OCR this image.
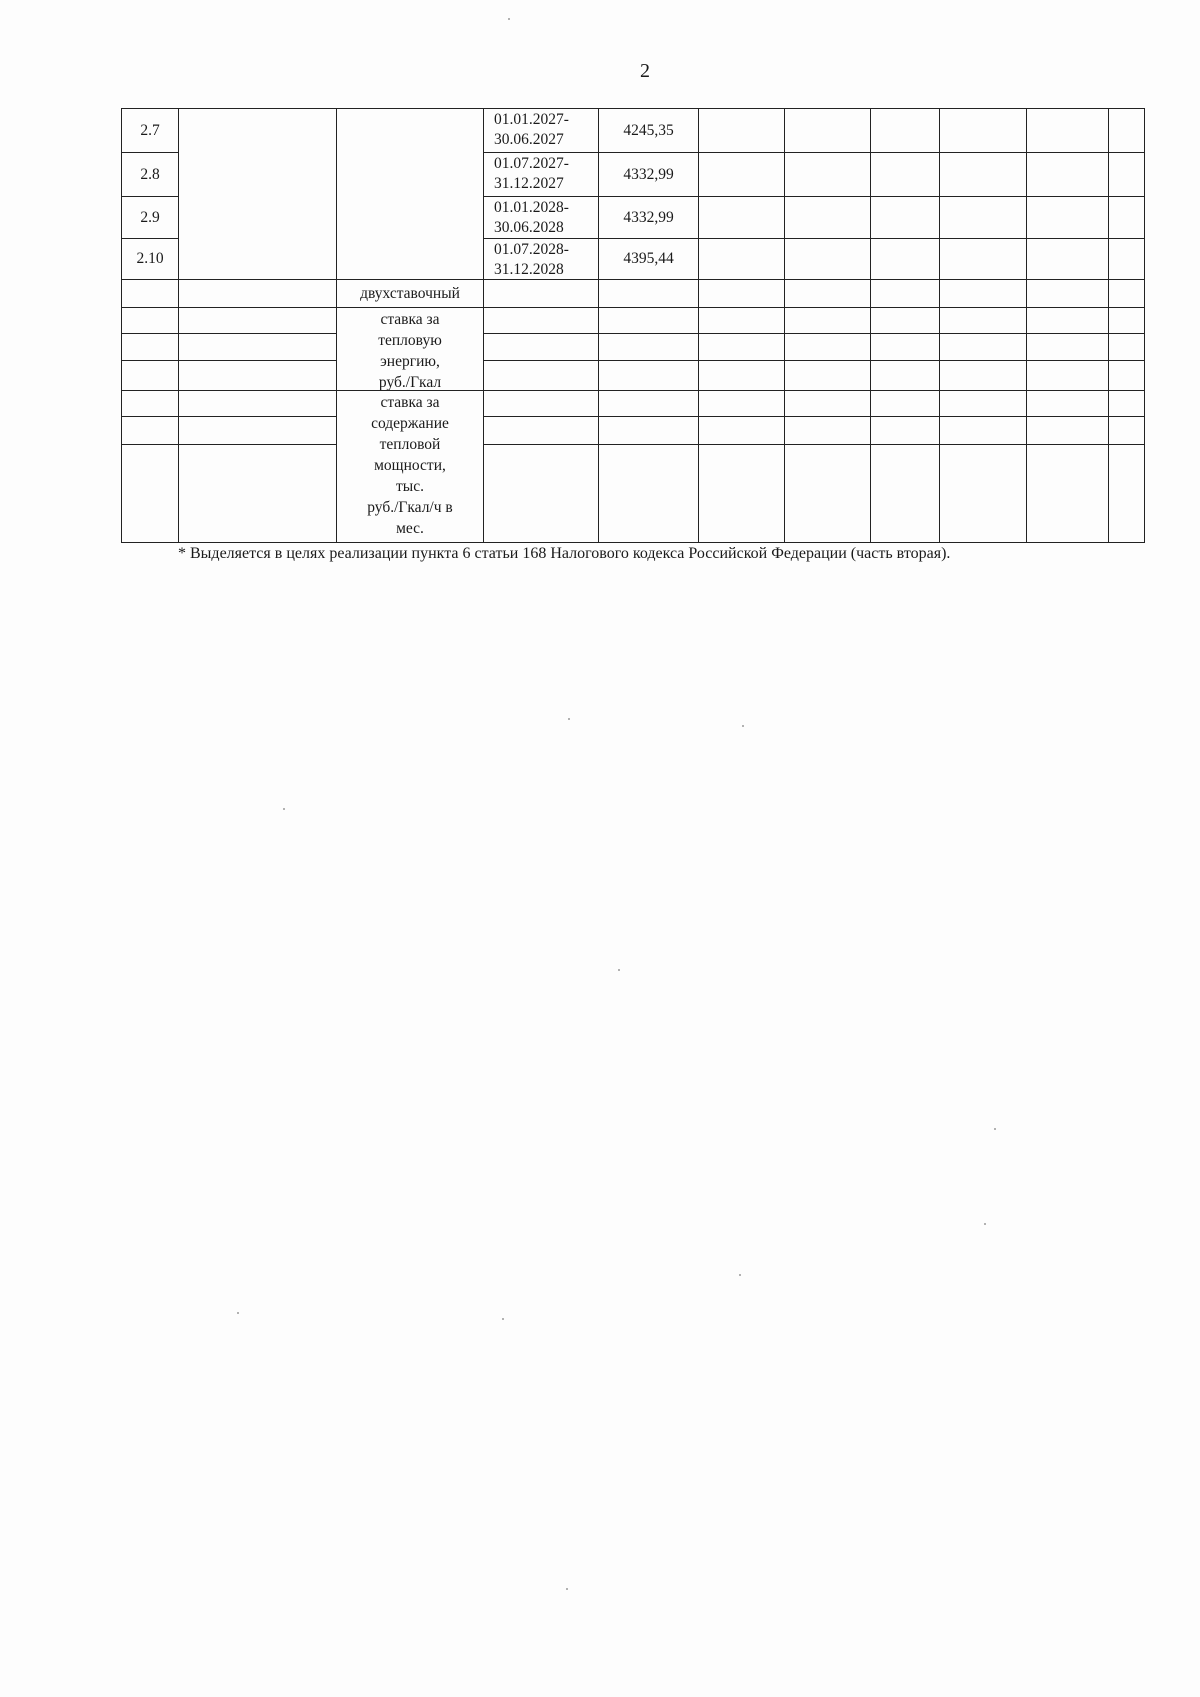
2
2.7
01.01.2027-
30.06.2027
4245,35
2.8
01.07.2027-
31.12.2027
4332,99
2.9
01.01.2028-
30.06.2028
4332,99
2.10
01.07.2028-
31.12.2028
4395,44
двухставочный
ставка за
тепловую
энергию,
руб./Гкал
ставка за
содержание
тепловой
мощности,
тыс.
руб./Гкал/ч в
мес.
* Выделяется в целях реализации пункта 6 статьи 168 Налогового кодекса Российской Федерации (часть вторая).
